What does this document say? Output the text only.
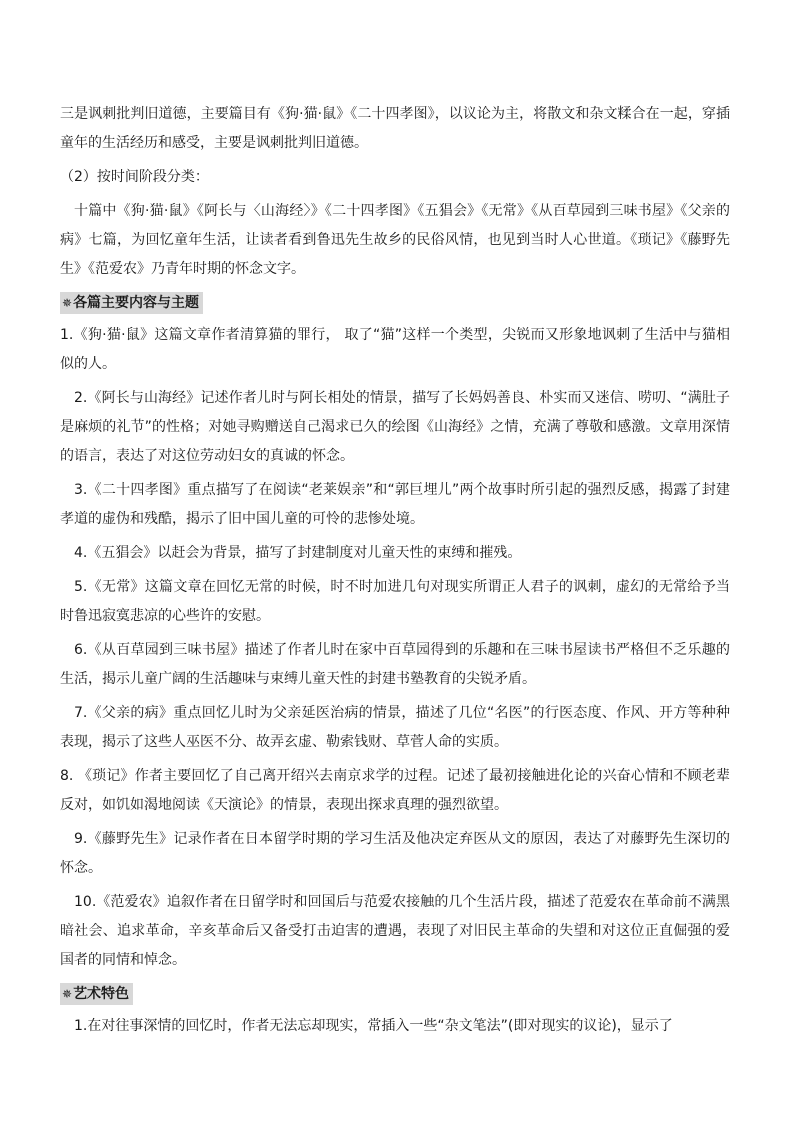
三是讽刺批判旧道德，主要篇目有《狗·猫·鼠》《二十四孝图》，以议论为主，将散文和杂文糅合在一起，穿插童年的生活经历和感受，主要是讽刺批判旧道德。

（2）按时间阶段分类：

十篇中《狗·猫·鼠》《阿长与〈山海经〉》《二十四孝图》《五猖会》《无常》《从百草园到三味书屋》《父亲的病》七篇，为回忆童年生活，让读者看到鲁迅先生故乡的民俗风情，也见到当时人心世道。《琐记》《藤野先生》《范爱农》乃青年时期的怀念文字。

✵各篇主要内容与主题

1.《狗·猫·鼠》这篇文章作者清算猫的罪行， 取了“猫”这样一个类型，尖锐而又形象地讽刺了生活中与猫相似的人。

2.《阿长与山海经》记述作者儿时与阿长相处的情景，描写了长妈妈善良、朴实而又迷信、唠叨、“满肚子是麻烦的礼节”的性格；对她寻购赠送自己渴求已久的绘图《山海经》之情，充满了尊敬和感激。文章用深情的语言，表达了对这位劳动妇女的真诚的怀念。

3.《二十四孝图》重点描写了在阅读“老莱娱亲”和“郭巨埋儿”两个故事时所引起的强烈反感，揭露了封建孝道的虚伪和残酷，揭示了旧中国儿童的可怜的悲惨处境。

4.《五猖会》以赶会为背景，描写了封建制度对儿童天性的束缚和摧残。

5.《无常》这篇文章在回忆无常的时候，时不时加进几句对现实所谓正人君子的讽刺，虚幻的无常给予当时鲁迅寂寞悲凉的心些许的安慰。

6.《从百草园到三味书屋》描述了作者儿时在家中百草园得到的乐趣和在三味书屋读书严格但不乏乐趣的生活，揭示儿童广阔的生活趣味与束缚儿童天性的封建书塾教育的尖锐矛盾。

7.《父亲的病》重点回忆儿时为父亲延医治病的情景，描述了几位“名医”的行医态度、作风、开方等种种表现，揭示了这些人巫医不分、故弄玄虚、勒索钱财、草菅人命的实质。

8. 《琐记》作者主要回忆了自己离开绍兴去南京求学的过程。记述了最初接触进化论的兴奋心情和不顾老辈反对，如饥如渴地阅读《天演论》的情景，表现出探求真理的强烈欲望。

9.《藤野先生》记录作者在日本留学时期的学习生活及他决定弃医从文的原因，表达了对藤野先生深切的怀念。

10.《范爱农》追叙作者在日留学时和回国后与范爱农接触的几个生活片段，描述了范爱农在革命前不满黑暗社会、追求革命，辛亥革命后又备受打击迫害的遭遇，表现了对旧民主革命的失望和对这位正直倔强的爱国者的同情和悼念。

✵艺术特色

1.在对往事深情的回忆时，作者无法忘却现实，常插入一些“杂文笔法”(即对现实的议论)，显示了
